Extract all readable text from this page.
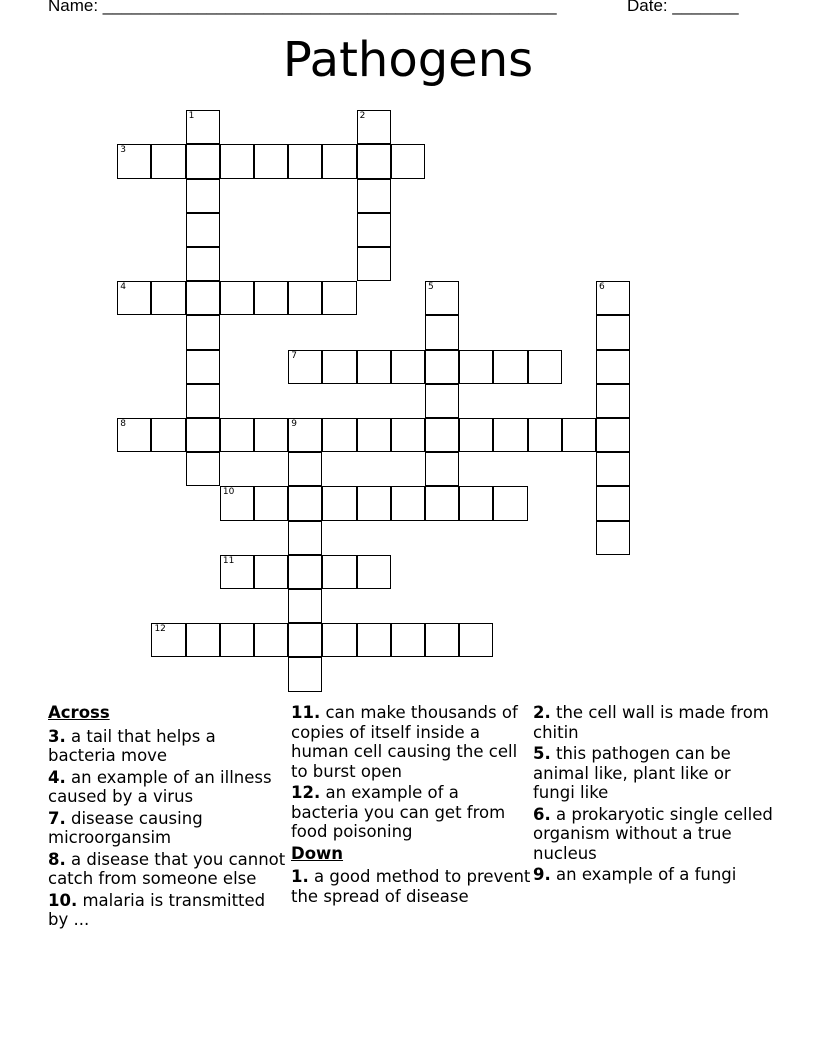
Name: ________________________________________________	Date: _______
Pathogens
1	2
3
4	5	6
7
8	9
10
11
12
Across
3. a tail that helps a bacteria move
4. an example of an illness caused by a virus
7. disease causing microorgansim
8. a disease that you cannot catch from someone else
10. malaria is transmitted by ...
11. can make thousands of copies of itself inside a human cell causing the cell to burst open
12. an example of a bacteria you can get from food poisoning
Down
1. a good method to prevent the spread of disease
2. the cell wall is made from chitin
5. this pathogen can be animal like, plant like or fungi like
6. a prokaryotic single celled organism without a true nucleus
9. an example of a fungi
